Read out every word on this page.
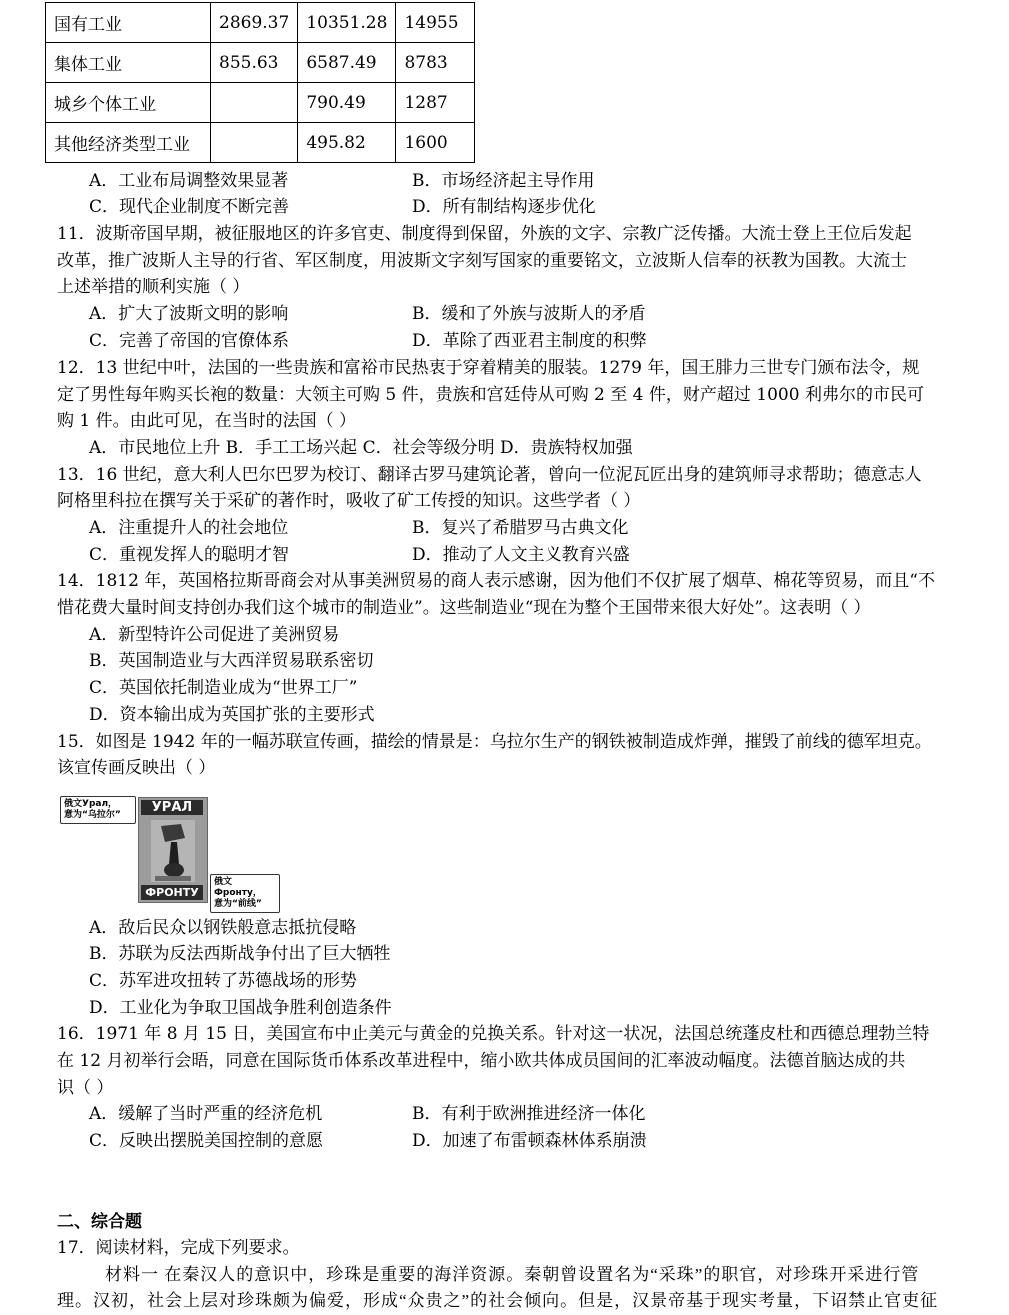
国有工业	2869.37	10351.28	14955
集体工业	855.63	6587.49	8783
城乡个体工业		790.49	1287
其他经济类型工业		495.82	1600
A．工业布局调整效果显著	B．市场经济起主导作用
C．现代企业制度不断完善	D．所有制结构逐步优化
11．波斯帝国早期，被征服地区的许多官吏、制度得到保留，外族的文字、宗教广泛传播。大流士登上王位后发起
改革，推广波斯人主导的行省、军区制度，用波斯文字刻写国家的重要铭文，立波斯人信奉的祆教为国教。大流士
上述举措的顺利实施（ ）
A．扩大了波斯文明的影响	B．缓和了外族与波斯人的矛盾
C．完善了帝国的官僚体系	D．革除了西亚君主制度的积弊
12．13 世纪中叶，法国的一些贵族和富裕市民热衷于穿着精美的服装。1279 年，国王腓力三世专门颁布法令，规
定了男性每年购买长袍的数量：大领主可购 5 件，贵族和宫廷侍从可购 2 至 4 件，财产超过 1000 利弗尔的市民可
购 1 件。由此可见，在当时的法国（ ）
A．市民地位上升 B．手工工场兴起 C．社会等级分明 D．贵族特权加强
13．16 世纪，意大利人巴尔巴罗为校订、翻译古罗马建筑论著，曾向一位泥瓦匠出身的建筑师寻求帮助；德意志人
阿格里科拉在撰写关于采矿的著作时，吸收了矿工传授的知识。这些学者（ ）
A．注重提升人的社会地位	B．复兴了希腊罗马古典文化
C．重视发挥人的聪明才智	D．推动了人文主义教育兴盛
14．1812 年，英国格拉斯哥商会对从事美洲贸易的商人表示感谢，因为他们不仅扩展了烟草、棉花等贸易，而且“不
惜花费大量时间支持创办我们这个城市的制造业”。这些制造业“现在为整个王国带来很大好处”。这表明（ ）
A．新型特许公司促进了美洲贸易
B．英国制造业与大西洋贸易联系密切
C．英国依托制造业成为“世界工厂”
D．资本输出成为英国扩张的主要形式
15．如图是 1942 年的一幅苏联宣传画，描绘的情景是：乌拉尔生产的钢铁被制造成炸弹，摧毁了前线的德军坦克。
该宣传画反映出（ ）
俄文Урал，
意为“乌拉尔”	УРАЛ
ФРОНТУ
俄文Фронту，
意为“前线”
A．敌后民众以钢铁般意志抵抗侵略
B．苏联为反法西斯战争付出了巨大牺牲
C．苏军进攻扭转了苏德战场的形势
D．工业化为争取卫国战争胜利创造条件
16．1971 年 8 月 15 日，美国宣布中止美元与黄金的兑换关系。针对这一状况，法国总统蓬皮杜和西德总理勃兰特
在 12 月初举行会晤，同意在国际货币体系改革进程中，缩小欧共体成员国间的汇率波动幅度。法德首脑达成的共
识（ ）
A．缓解了当时严重的经济危机	B．有利于欧洲推进经济一体化
C．反映出摆脱美国控制的意愿	D．加速了布雷顿森林体系崩溃
二、综合题
17．阅读材料，完成下列要求。
材料一 在秦汉人的意识中，珍珠是重要的海洋资源。秦朝曾设置名为“采珠”的职官，对珍珠开采进行管
理。汉初，社会上层对珍珠颇为偏爱，形成“众贵之”的社会倾向。但是，汉景帝基于现实考量，下诏禁止官吏征
